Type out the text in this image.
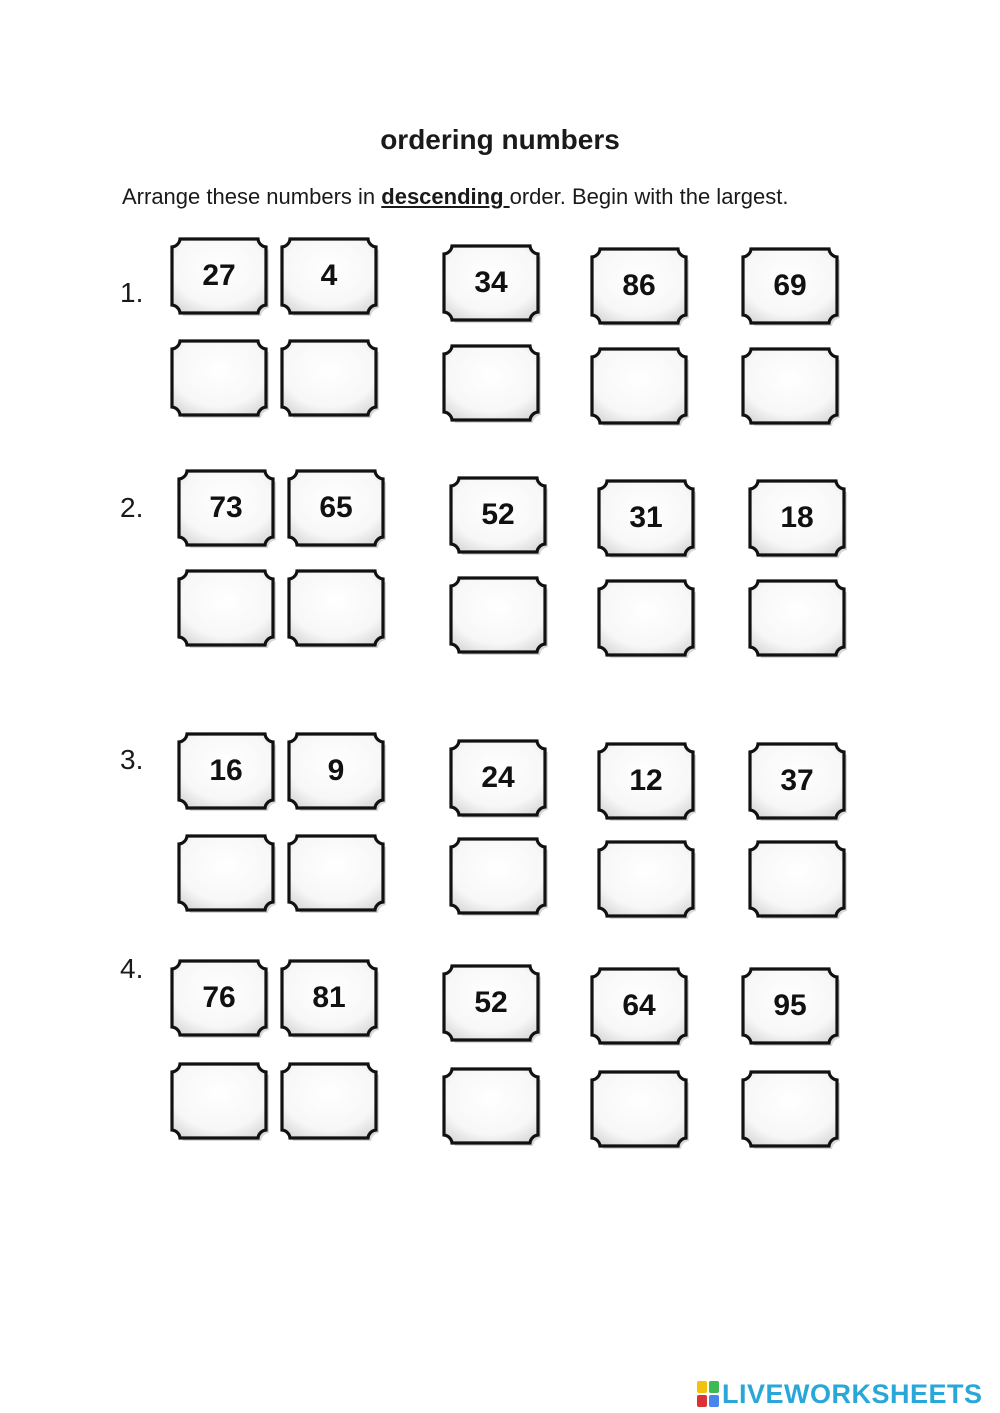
ordering numbers
Arrange these numbers in descending order. Begin with the largest.
1.
27	4	34	86	69
2.	73	65	52	31	18
3.	16	9	24	12	37
4.
76	81	52	64	95
LIVEWORKSHEETS
